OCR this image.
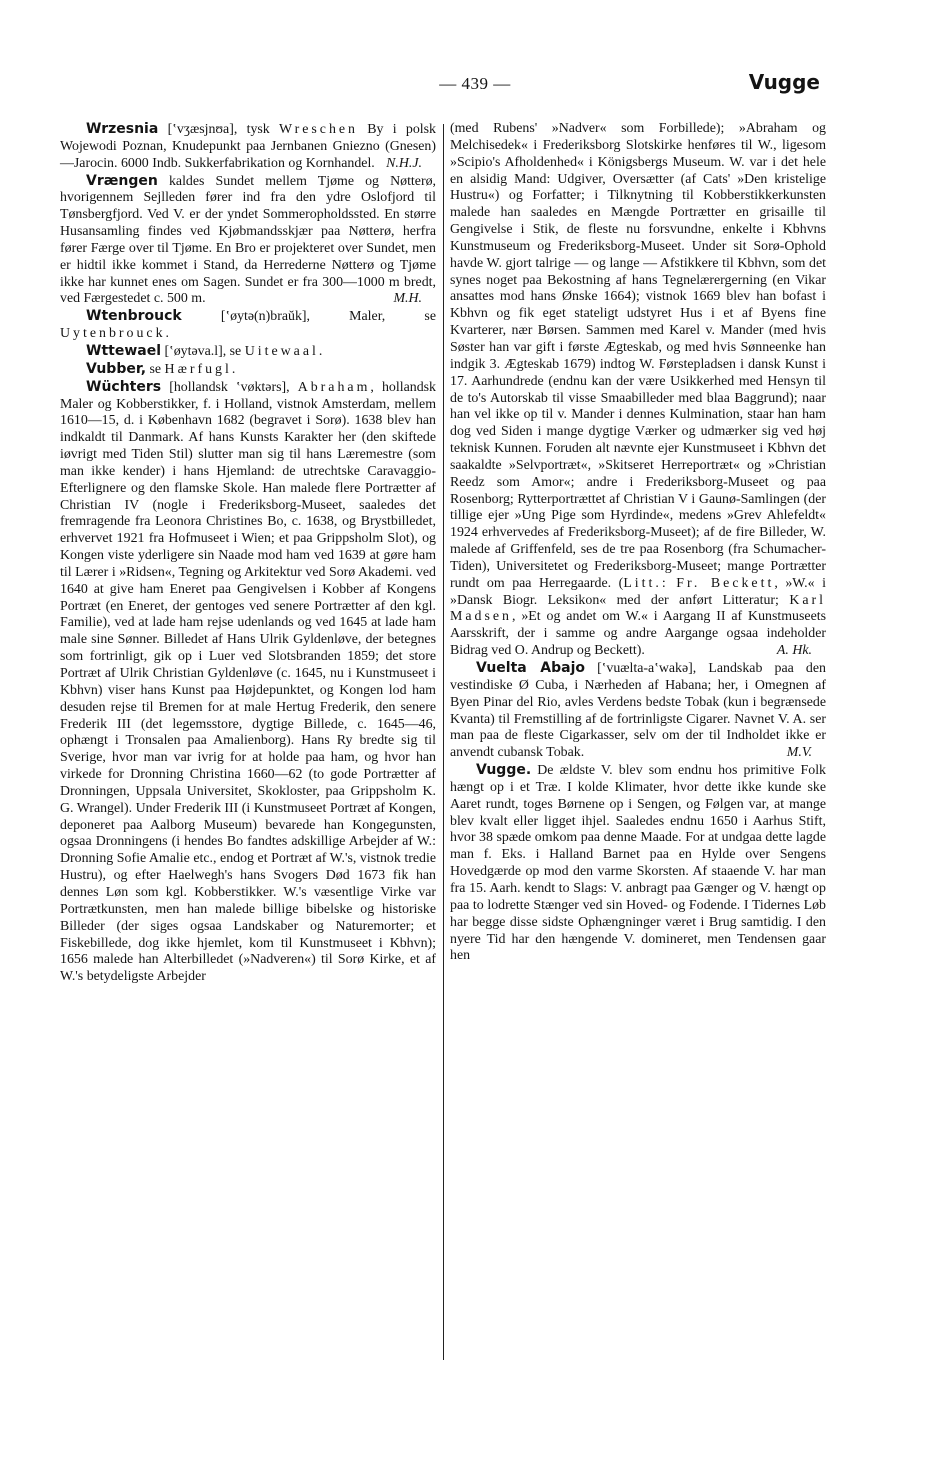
— 439 —	Vugge

Wrzesnia [ʽvʒæsjnʊa], tysk Wreschen By i polsk Wojewodi Poznan, Knudepunkt paa Jernbanen Gniezno (Gnesen)—Jarocin. 6000 Indb. Sukkerfabrikation og Kornhandel. N.H.J.

Vrængen kaldes Sundet mellem Tjøme og Nøtterø, hvorigennem Sejlleden fører ind fra den ydre Oslofjord til Tønsbergfjord. Ved V. er der yndet Sommeropholdssted. En større Husansamling findes ved Kjøbmandsskjær paa Nøtterø, herfra fører Færge over til Tjøme. En Bro er projekteret over Sundet, men er hidtil ikke kommet i Stand, da Herrederne Nøtterø og Tjøme ikke har kunnet enes om Sagen. Sundet er fra 300—1000 m bredt, ved Færgestedet c. 500 m.	M.H.

Wtenbrouck [ʽøytə(n)braŭk], Maler, se Uytenbrouck.

Wttewael [ʽøytəva.l], se Uitewaal.

Vubber, se Hærfugl.

Wüchters [hollandsk ʽvøktərs], Abraham, hollandsk Maler og Kobberstikker, f. i Holland, vistnok Amsterdam, mellem 1610—15, d. i København 1682 (begravet i Sorø). 1638 blev han indkaldt til Danmark. Af hans Kunsts Karakter her (den skiftede iøvrigt med Tiden Stil) slutter man sig til hans Læremestre (som man ikke kender) i hans Hjemland: de utrechtske Caravaggio-Efterlignere og den flamske Skole. Han malede flere Portrætter af Christian IV (nogle i Frederiksborg-Museet, saaledes det fremragende fra Leonora Christines Bo, c. 1638, og Brystbilledet, erhvervet 1921 fra Hofmuseet i Wien; et paa Grippsholm Slot), og Kongen viste yderligere sin Naade mod ham ved 1639 at gøre ham til Lærer i »Ridsen«, Tegning og Arkitektur ved Sorø Akademi. ved 1640 at give ham Eneret paa Gengivelsen i Kobber af Kongens Portræt (en Eneret, der gentoges ved senere Portrætter af den kgl. Familie), ved at lade ham rejse udenlands og ved 1645 at lade ham male sine Sønner. Billedet af Hans Ulrik Gyldenløve, der betegnes som fortrinligt, gik op i Luer ved Slotsbranden 1859; det store Portræt af Ulrik Christian Gyldenløve (c. 1645, nu i Kunstmuseet i Kbhvn) viser hans Kunst paa Højdepunktet, og Kongen lod ham desuden rejse til Bremen for at male Hertug Frederik, den senere Frederik III (det legemsstore, dygtige Billede, c. 1645—46, ophængt i Tronsalen paa Amalienborg). Hans Ry bredte sig til Sverige, hvor man var ivrig for at holde paa ham, og hvor han virkede for Dronning Christina 1660—62 (to gode Portrætter af Dronningen, Uppsala Universitet, Skokloster, paa Grippsholm K. G. Wrangel). Under Frederik III (i Kunstmuseet Portræt af Kongen, deponeret paa Aalborg Museum) bevarede han Kongegunsten, ogsaa Dronningens (i hendes Bo fandtes adskillige Arbejder af W.: Dronning Sofie Amalie etc., endog et Portræt af W.'s, vistnok tredie Hustru), og efter Haelwegh's hans Svogers Død 1673 fik han dennes Løn som kgl. Kobberstikker. W.'s væsentlige Virke var Portrætkunsten, men han malede billige bibelske og historiske Billeder (der siges ogsaa Landskaber og Naturemorter; et Fiskebillede, dog ikke hjemlet, kom til Kunstmuseet i Kbhvn); 1656 malede han Alterbilledet (»Nadveren«) til Sorø Kirke, et af W.'s betydeligste Arbejder

(med Rubens' »Nadver« som Forbillede); »Abraham og Melchisedek« i Frederiksborg Slotskirke henføres til W., ligesom »Scipio's Afholdenhed« i Königsbergs Museum. W. var i det hele en alsidig Mand: Udgiver, Oversætter (af Cats' »Den kristelige Hustru«) og Forfatter; i Tilknytning til Kobberstikkerkunsten malede han saaledes en Mængde Portrætter en grisaille til Gengivelse i Stik, de fleste nu forsvundne, enkelte i Kbhvns Kunstmuseum og Frederiksborg-Museet. Under sit Sorø-Ophold havde W. gjort talrige — og lange — Afstikkere til Kbhvn, som det synes noget paa Bekostning af hans Tegnelærergerning (en Vikar ansattes mod hans Ønske 1664); vistnok 1669 blev han bofast i Kbhvn og fik eget stateligt udstyret Hus i et af Byens fine Kvarterer, nær Børsen. Sammen med Karel v. Mander (med hvis Søster han var gift i første Ægteskab, og med hvis Sønneenke han indgik 3. Ægteskab 1679) indtog W. Førstepladsen i dansk Kunst i 17. Aarhundrede (endnu kan der være Usikkerhed med Hensyn til de to's Autorskab til visse Smaabilleder med blaa Baggrund); naar han vel ikke op til v. Mander i dennes Kulmination, staar han ham dog ved Siden i mange dygtige Værker og udmærker sig ved høj teknisk Kunnen. Foruden alt nævnte ejer Kunstmuseet i Kbhvn det saakaldte »Selvportræt«, »Skitseret Herreportræt« og »Christian Reedz som Amor«; andre i Frederiksborg-Museet og paa Rosenborg; Rytterportrættet af Christian V i Gaunø-Samlingen (der tillige ejer »Ung Pige som Hyrdinde«, medens »Grev Ahlefeldt« 1924 erhvervedes af Frederiksborg-Museet); af de fire Billeder, W. malede af Griffenfeld, ses de tre paa Rosenborg (fra Schumacher-Tiden), Universitetet og Frederiksborg-Museet; mange Portrætter rundt om paa Herregaarde. (Litt.: Fr. Beckett, »W.« i »Dansk Biogr. Leksikon« med der anført Litteratur; Karl Madsen, »Et og andet om W.« i Aargang II af Kunstmuseets Aarsskrift, der i samme og andre Aargange ogsaa indeholder Bidrag ved O. Andrup og Beckett).	A. Hk.

Vuelta Abajo [ʽvuælta-aʽwakə], Landskab paa den vestindiske Ø Cuba, i Nærheden af Habana; her, i Omegnen af Byen Pinar del Rio, avles Verdens bedste Tobak (kun i begrænsede Kvanta) til Fremstilling af de fortrinligste Cigarer. Navnet V. A. ser man paa de fleste Cigarkasser, selv om der til Indholdet ikke er anvendt cubansk Tobak.	M.V.

Vugge. De ældste V. blev som endnu hos primitive Folk hængt op i et Træ. I kolde Klimater, hvor dette ikke kunde ske Aaret rundt, toges Børnene op i Sengen, og Følgen var, at mange blev kvalt eller ligget ihjel. Saaledes endnu 1650 i Aarhus Stift, hvor 38 spæde omkom paa denne Maade. For at undgaa dette lagde man f. Eks. i Halland Barnet paa en Hylde over Sengens Hovedgærde op mod den varme Skorsten. Af staaende V. har man fra 15. Aarh. kendt to Slags: V. anbragt paa Gænger og V. hængt op paa to lodrette Stænger ved sin Hoved- og Fodende. I Tidernes Løb har begge disse sidste Ophængninger været i Brug samtidig. I den nyere Tid har den hængende V. domineret, men Tendensen gaar hen
